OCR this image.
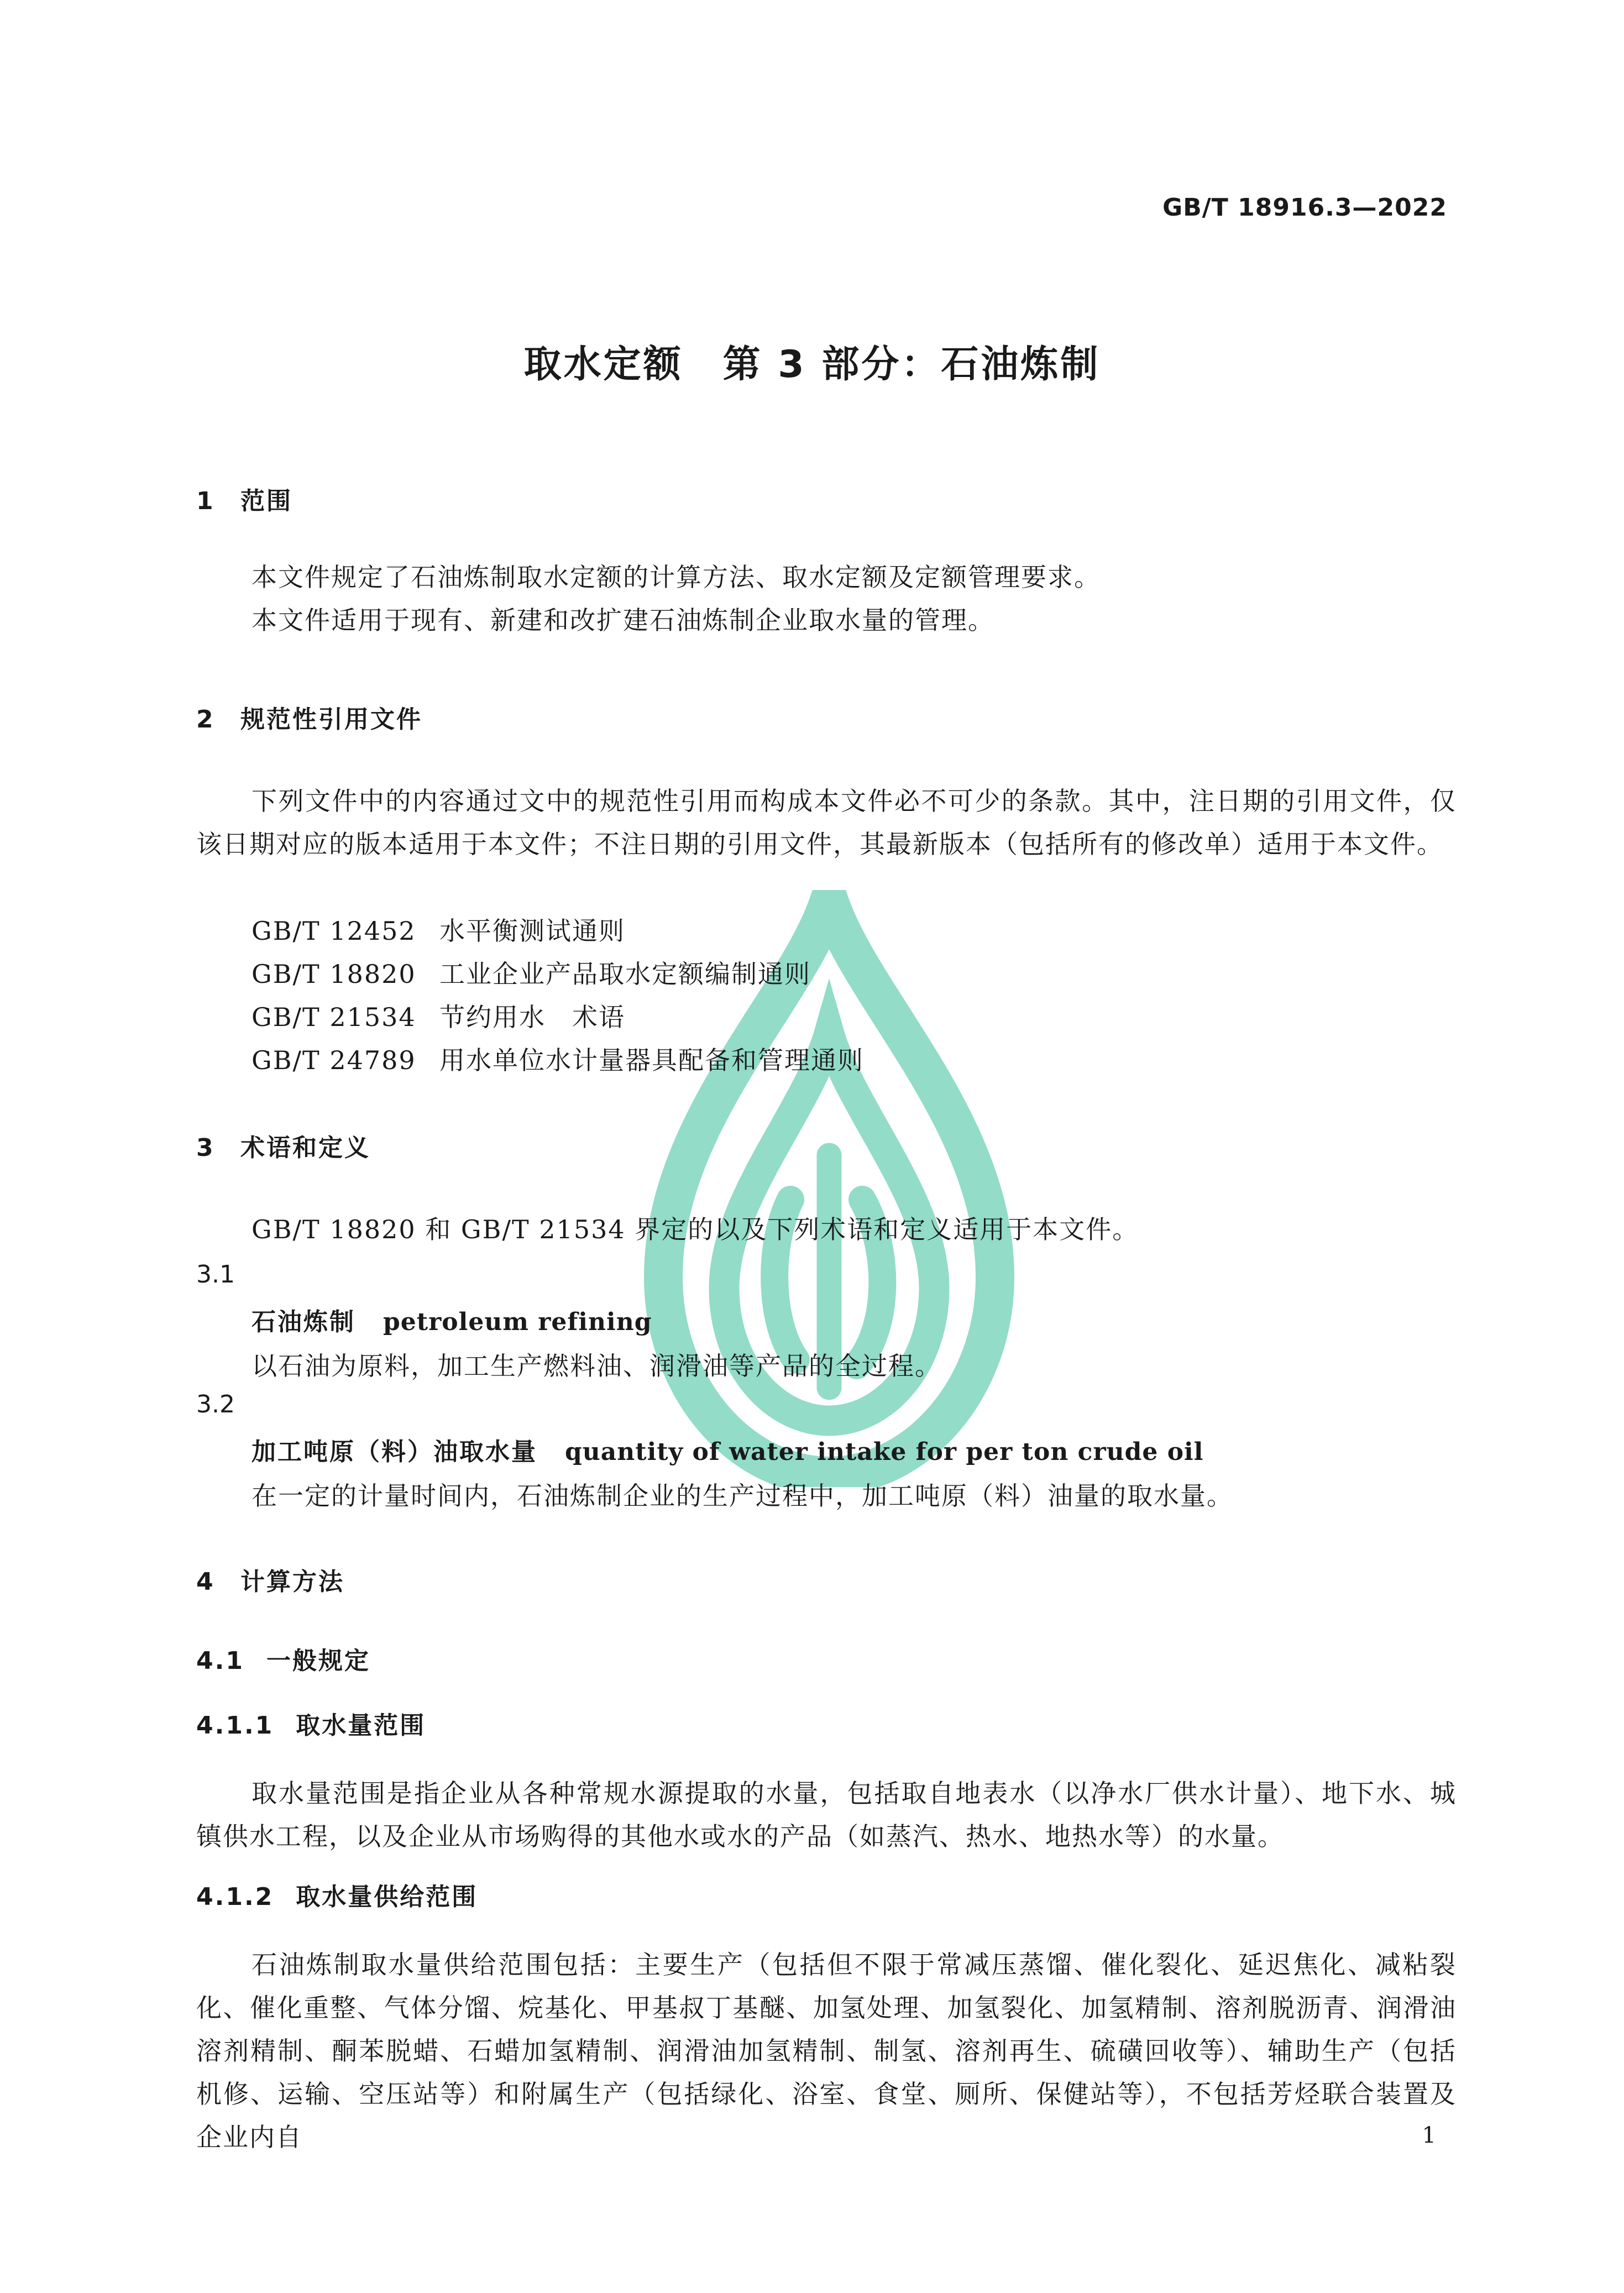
GB/T 18916.3—2022
取水定额　第 3 部分：石油炼制
1 范围
本文件规定了石油炼制取水定额的计算方法、取水定额及定额管理要求。
本文件适用于现有、新建和改扩建石油炼制企业取水量的管理。
2 规范性引用文件
下列文件中的内容通过文中的规范性引用而构成本文件必不可少的条款。其中，注日期的引用文件，仅该日期对应的版本适用于本文件；不注日期的引用文件，其最新版本（包括所有的修改单）适用于本文件。
GB/T 12452 水平衡测试通则
GB/T 18820 工业企业产品取水定额编制通则
GB/T 21534 节约用水　术语
GB/T 24789 用水单位水计量器具配备和管理通则
3 术语和定义
GB/T 18820 和 GB/T 21534 界定的以及下列术语和定义适用于本文件。
3.1
石油炼制 petroleum refining
以石油为原料，加工生产燃料油、润滑油等产品的全过程。
3.2
加工吨原（料）油取水量 quantity of water intake for per ton crude oil
在一定的计量时间内，石油炼制企业的生产过程中，加工吨原（料）油量的取水量。
4 计算方法
4.1 一般规定
4.1.1 取水量范围
取水量范围是指企业从各种常规水源提取的水量，包括取自地表水（以净水厂供水计量）、地下水、城镇供水工程，以及企业从市场购得的其他水或水的产品（如蒸汽、热水、地热水等）的水量。
4.1.2 取水量供给范围
石油炼制取水量供给范围包括：主要生产（包括但不限于常减压蒸馏、催化裂化、延迟焦化、减粘裂化、催化重整、气体分馏、烷基化、甲基叔丁基醚、加氢处理、加氢裂化、加氢精制、溶剂脱沥青、润滑油溶剂精制、酮苯脱蜡、石蜡加氢精制、润滑油加氢精制、制氢、溶剂再生、硫磺回收等）、辅助生产（包括机修、运输、空压站等）和附属生产（包括绿化、浴室、食堂、厕所、保健站等），不包括芳烃联合装置及企业内自	1
